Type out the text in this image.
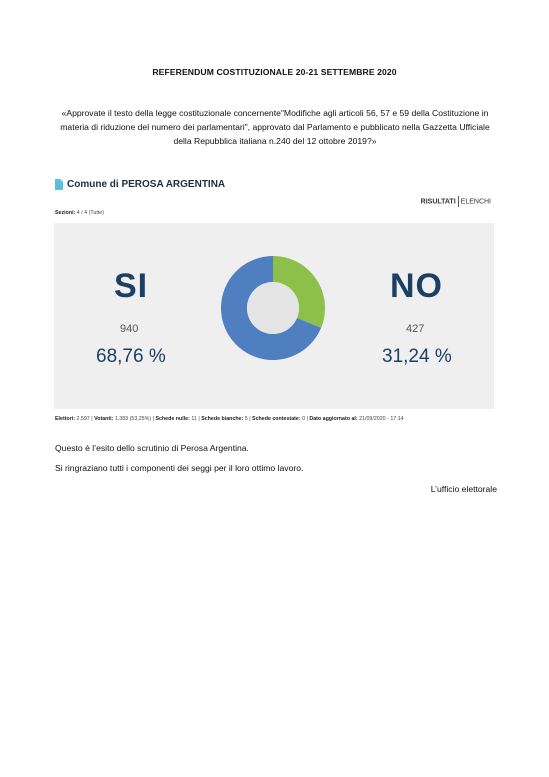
REFERENDUM COSTITUZIONALE 20-21 SETTEMBRE 2020
«Approvate il testo della legge costituzionale concernente"Modifiche agli articoli 56, 57 e 59 della Costituzione in materia di riduzione del numero dei parlamentari", approvato dal Parlamento e pubblicato nella Gazzetta Ufficiale della Repubblica italiana n.240 del 12 ottobre 2019?»
Comune di PEROSA ARGENTINA
RISULTATI ELENCHI
Sezioni: 4 / 4 (Tutte)
SI
940
68,76 %
NO
427
31,24 %
Elettori: 2.597 | Votanti: 1.383 (53,25%) | Schede nulle: 11 | Schede bianche: 5 | Schede contestate: 0 | Dato aggiornato al: 21/09/2020 - 17:14
Questo è l’esito dello scrutinio di Perosa Argentina.
Si ringraziano tutti i componenti dei seggi per il loro ottimo lavoro.
L’ufficio elettorale
